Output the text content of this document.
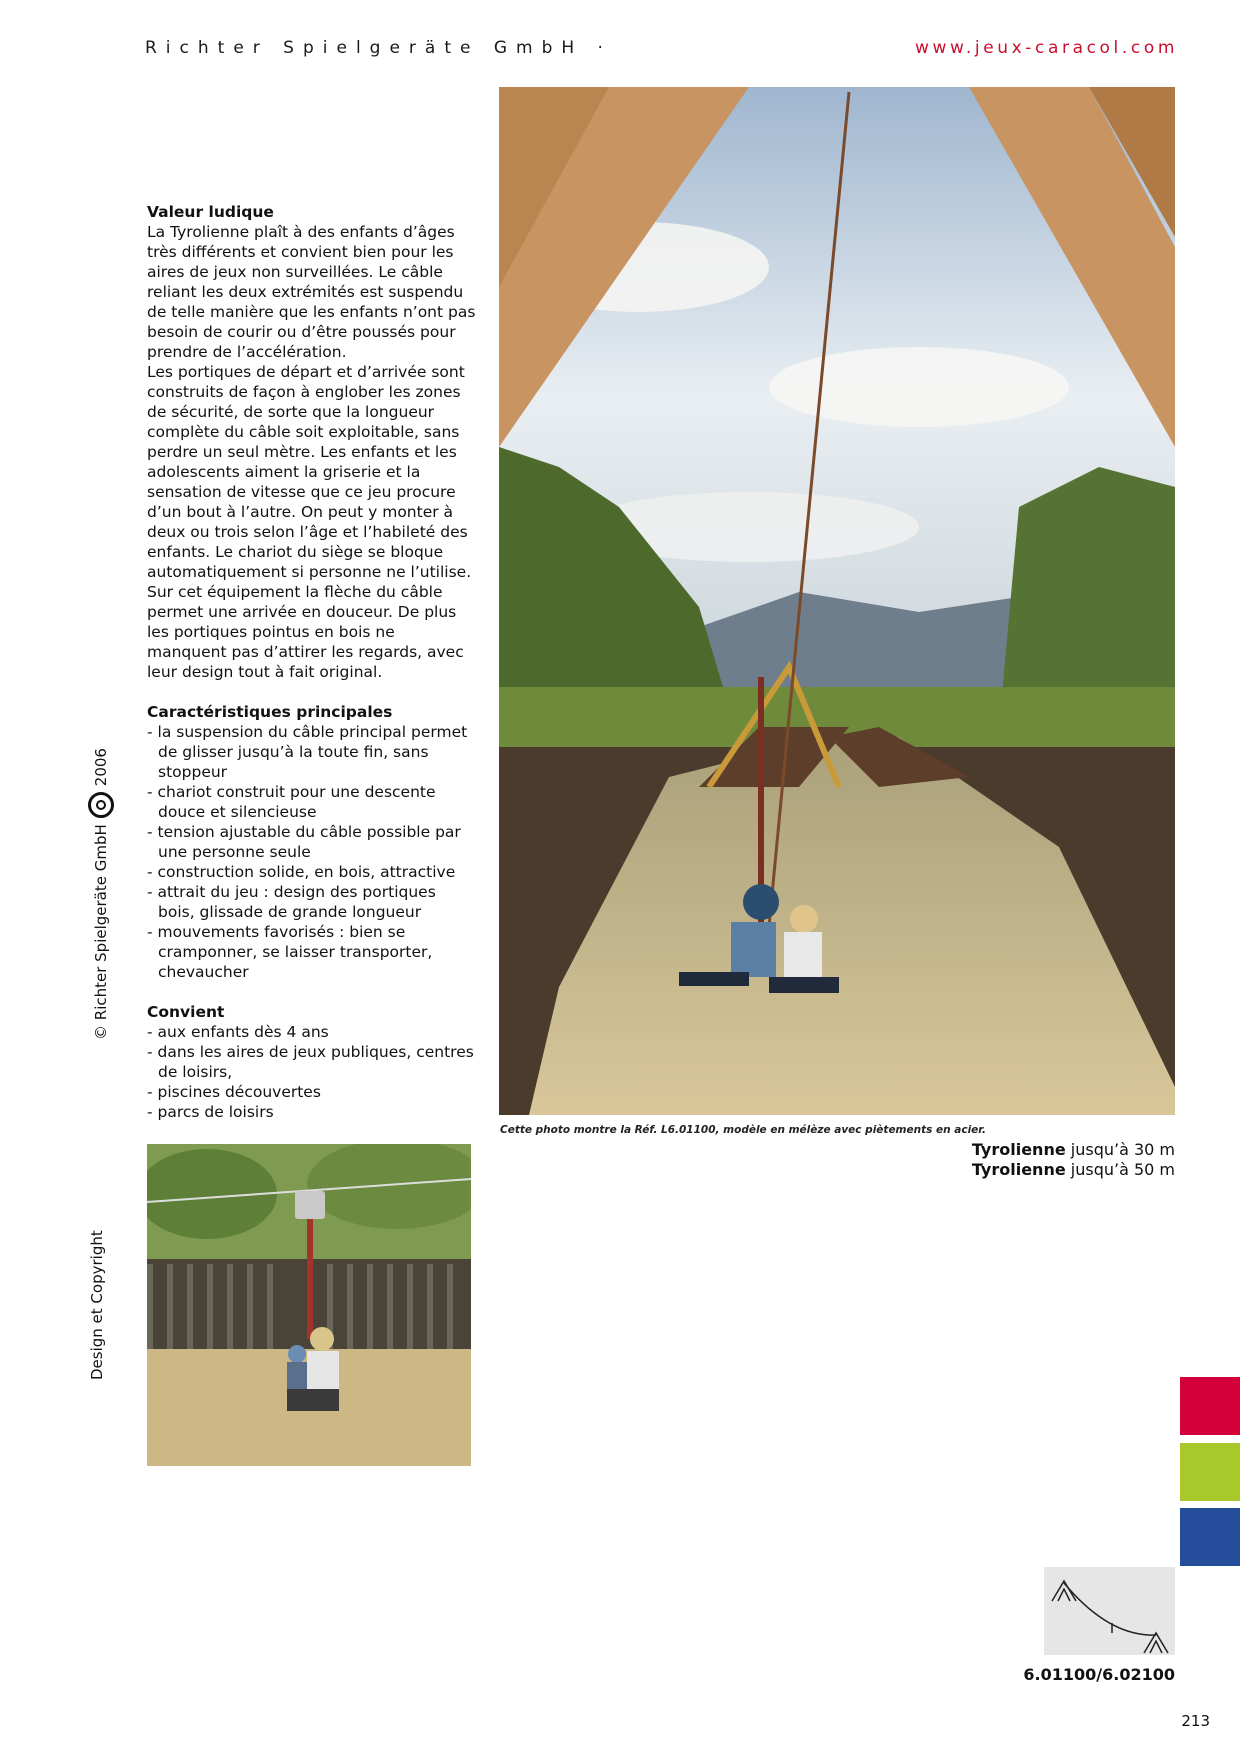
Richter Spielgeräte GmbH ·	www.jeux-caracol.com
Valeur ludique

La Tyrolienne plaît à des enfants d’âges très différents et convient bien pour les aires de jeux non surveillées. Le câble reliant les deux extrémités est suspendu de telle manière que les enfants n’ont pas besoin de courir ou d’être poussés pour prendre de l’accélération.

Les portiques de départ et d’arrivée sont construits de façon à englober les zones de sécurité, de sorte que la longueur complète du câble soit exploitable, sans perdre un seul mètre. Les enfants et les adolescents aiment la griserie et la sensation de vitesse que ce jeu procure d’un bout à l’autre. On peut y monter à deux ou trois selon l’âge et l’habileté des enfants. Le chariot du siège se bloque automatiquement si personne ne l’utilise. Sur cet équipement la flèche du câble permet une arrivée en douceur. De plus les portiques pointus en bois ne manquent pas d’attirer les regards, avec leur design tout à fait original.

Caractéristiques principales
- la suspension du câble principal permet de glisser jusqu’à la toute fin, sans stoppeur
- chariot construit pour une descente douce et silencieuse
- tension ajustable du câble possible par une personne seule
- construction solide, en bois, attractive
- attrait du jeu : design des portiques bois, glissade de grande longueur
- mouvements favorisés : bien se cramponner, se laisser transporter, chevaucher
Convient
- aux enfants dès 4 ans
- dans les aires de jeux publiques, centres de loisirs,
- piscines découvertes
- parcs de loisirs
Cette photo montre la Réf. L6.01100, modèle en mélèze avec piètements en acier.
Tyrolienne jusqu’à 30 m
Tyrolienne jusqu’à 50 m
© Richter Spielgeräte GmbH
2006
Design et Copyright
6.01100/6.02100
213
